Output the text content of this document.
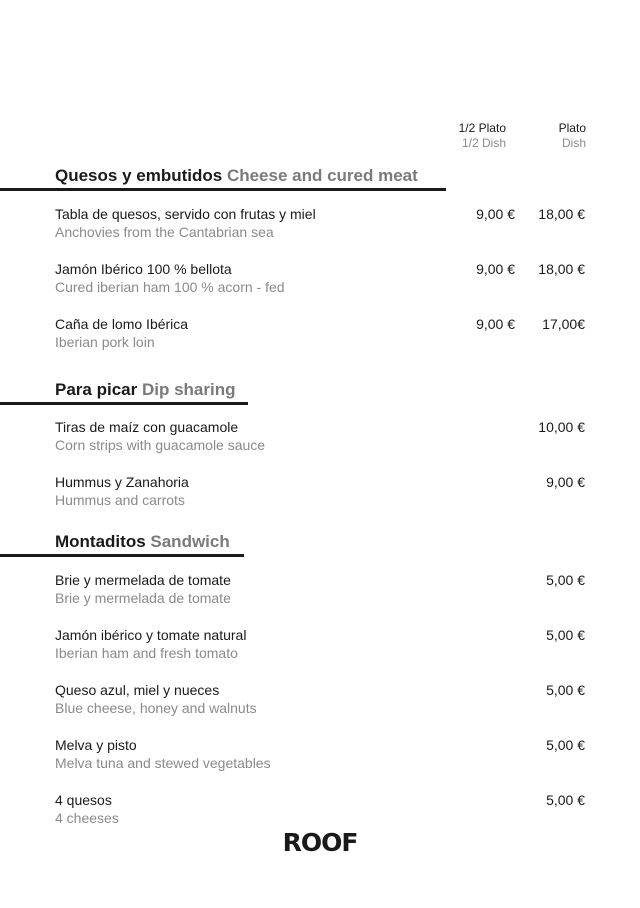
1/2 Plato
1/2 Dish
Plato
Dish
Quesos y embutidos Cheese and cured meat
Tabla de quesos, servido con frutas y miel
Anchovies from the Cantabrian sea
9,00 € 18,00 €
Jamón Ibérico 100 % bellota
Cured iberian ham 100 % acorn - fed
9,00 € 18,00 €
Caña de lomo Ibérica
Iberian pork loin
9,00 € 17,00€
Para picar Dip sharing
Tiras de maíz con guacamole
Corn strips with guacamole sauce
10,00 €
Hummus y Zanahoria
Hummus and carrots
9,00 €
Montaditos Sandwich
Brie y mermelada de tomate
Brie y mermelada de tomate
5,00 €
Jamón ibérico y tomate natural
Iberian ham and fresh tomato
5,00 €
Queso azul, miel y nueces
Blue cheese, honey and walnuts
5,00 €
Melva y pisto
Melva tuna and stewed vegetables
5,00 €
4 quesos
4 cheeses
5,00 €
ROOF
